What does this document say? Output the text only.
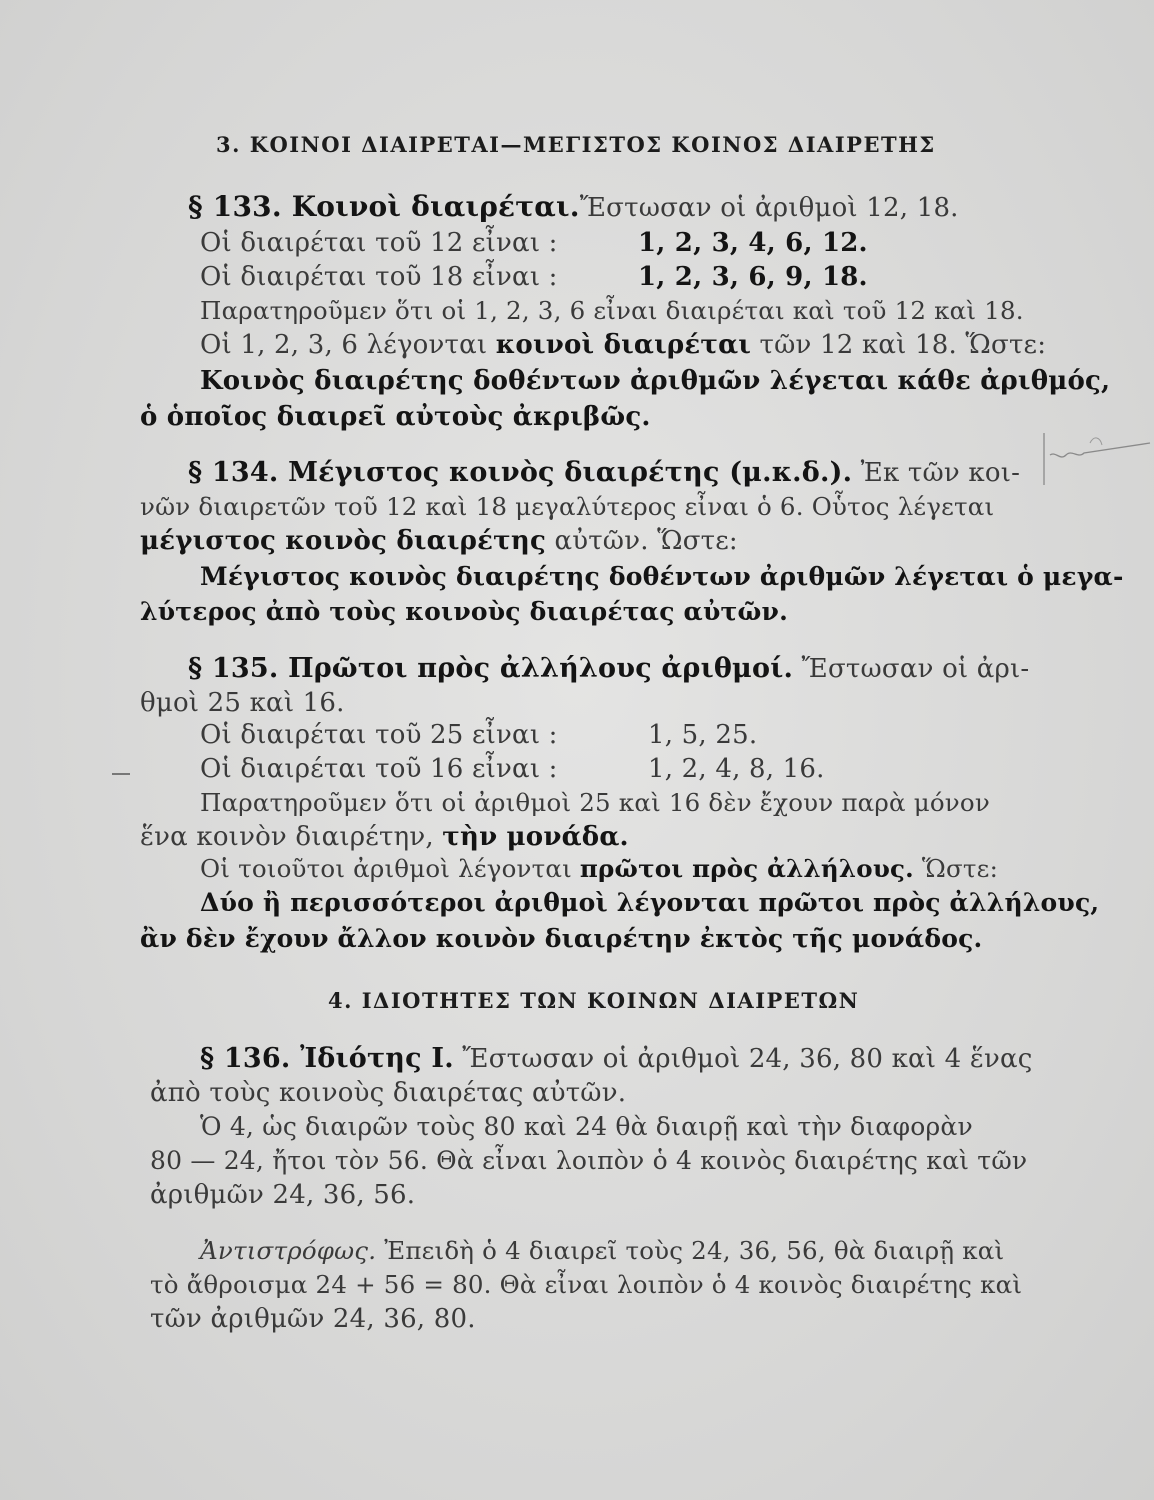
3. ΚΟΙΝΟΙ ΔΙΑΙΡΕΤΑΙ—ΜΕΓΙΣΤΟΣ ΚΟΙΝΟΣ ΔΙΑΙΡΕΤΗΣ
§ 133. Κοινοὶ διαιρέται.Ἔστωσαν οἱ ἀριθμοὶ 12, 18.
Οἱ διαιρέται τοῦ 12 εἶναι :	1, 2, 3, 4, 6, 12.
Οἱ διαιρέται τοῦ 18 εἶναι :	1, 2, 3, 6, 9, 18.
Παρατηροῦμεν ὅτι οἱ 1, 2, 3, 6 εἶναι διαιρέται καὶ τοῦ 12 καὶ 18.
Οἱ 1, 2, 3, 6 λέγονται κοινοὶ διαιρέται τῶν 12 καὶ 18. Ὥστε:
Κοινὸς διαιρέτης δοθέντων ἀριθμῶν λέγεται κάθε ἀριθμός,
ὁ ὁποῖος διαιρεῖ αὐτοὺς ἀκριβῶς.
§ 134. Μέγιστος κοινὸς διαιρέτης (μ.κ.δ.). Ἐκ τῶν κοι-
νῶν διαιρετῶν τοῦ 12 καὶ 18 μεγαλύτερος εἶναι ὁ 6. Οὗτος λέγεται
μέγιστος κοινὸς διαιρέτης αὐτῶν. Ὥστε:
Μέγιστος κοινὸς διαιρέτης δοθέντων ἀριθμῶν λέγεται ὁ μεγα-
λύτερος ἀπὸ τοὺς κοινοὺς διαιρέτας αὐτῶν.
§ 135. Πρῶτοι πρὸς ἀλλήλους ἀριθμοί. Ἔστωσαν οἱ ἀρι-
θμοὶ 25 καὶ 16.
Οἱ διαιρέται τοῦ 25 εἶναι :	1, 5, 25.
Οἱ διαιρέται τοῦ 16 εἶναι :	1, 2, 4, 8, 16.
Παρατηροῦμεν ὅτι οἱ ἀριθμοὶ 25 καὶ 16 δὲν ἔχουν παρὰ μόνον
ἕνα κοινὸν διαιρέτην, τὴν μονάδα.
Οἱ τοιοῦτοι ἀριθμοὶ λέγονται πρῶτοι πρὸς ἀλλήλους. Ὥστε:
Δύο ἢ περισσότεροι ἀριθμοὶ λέγονται πρῶτοι πρὸς ἀλλήλους,
ἂν δὲν ἔχουν ἄλλον κοινὸν διαιρέτην ἐκτὸς τῆς μονάδος.
4. ΙΔΙΟΤΗΤΕΣ ΤΩΝ ΚΟΙΝΩΝ ΔΙΑΙΡΕΤΩΝ
§ 136. Ἰδιότης Ι. Ἔστωσαν οἱ ἀριθμοὶ 24, 36, 80 καὶ 4 ἕνας
ἀπὸ τοὺς κοινοὺς διαιρέτας αὐτῶν.
Ὁ 4, ὡς διαιρῶν τοὺς 80 καὶ 24 θὰ διαιρῇ καὶ τὴν διαφορὰν
80 — 24, ἤτοι τὸν 56. Θὰ εἶναι λοιπὸν ὁ 4 κοινὸς διαιρέτης καὶ τῶν
ἀριθμῶν 24, 36, 56.
Ἀντιστρόφως. Ἐπειδὴ ὁ 4 διαιρεῖ τοὺς 24, 36, 56, θὰ διαιρῇ καὶ
τὸ ἄθροισμα 24 + 56 = 80. Θὰ εἶναι λοιπὸν ὁ 4 κοινὸς διαιρέτης καὶ
τῶν ἀριθμῶν 24, 36, 80.
